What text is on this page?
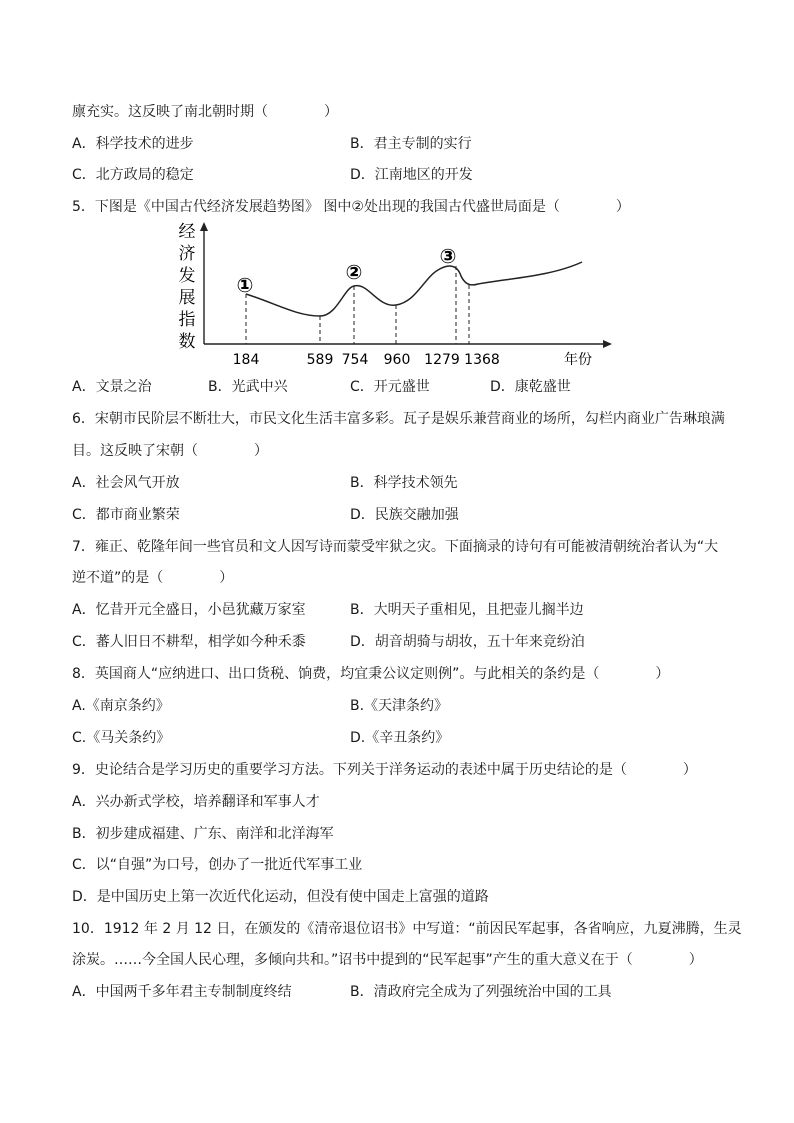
廪充实。这反映了南北朝时期（　　　　）
A．科学技术的进步	B．君主专制的实行
C．北方政局的稳定	D．江南地区的开发
5．下图是《中国古代经济发展趋势图》 图中②处出现的我国古代盛世局面是（　　　　）
经
济
发
展
指
数
①
②
③
184	589 754 960 1279 1368	年份
A．文景之治	B．光武中兴	C．开元盛世	D．康乾盛世
6．宋朝市民阶层不断壮大，市民文化生活丰富多彩。瓦子是娱乐兼营商业的场所，勾栏内商业广告琳琅满
目。这反映了宋朝（　　　　）
A．社会风气开放	B．科学技术领先
C．都市商业繁荣	D．民族交融加强
7．雍正、乾隆年间一些官员和文人因写诗而蒙受牢狱之灾。下面摘录的诗句有可能被清朝统治者认为“大
逆不道”的是（　　　　）
A．忆昔开元全盛日，小邑犹藏万家室	B．大明天子重相见，且把壶儿搁半边
C．蕃人旧日不耕犁，相学如今种禾黍	D．胡音胡骑与胡妆，五十年来竞纷泊
8．英国商人“应纳进口、出口货税、饷费，均宜秉公议定则例”。与此相关的条约是（　　　　）
A.《南京条约》	B.《天津条约》
C.《马关条约》	D.《辛丑条约》
9．史论结合是学习历史的重要学习方法。下列关于洋务运动的表述中属于历史结论的是（　　　　）
A．兴办新式学校，培养翻译和军事人才
B．初步建成福建、广东、南洋和北洋海军
C．以“自强”为口号，创办了一批近代军事工业
D．是中国历史上第一次近代化运动，但没有使中国走上富强的道路
10．1912 年 2 月 12 日，在颁发的《清帝退位诏书》中写道：“前因民军起事，各省响应，九夏沸腾，生灵
涂炭。……今全国人民心理，多倾向共和。”诏书中提到的“民军起事”产生的重大意义在于（　　　　）
A．中国两千多年君主专制制度终结	B．清政府完全成为了列强统治中国的工具
